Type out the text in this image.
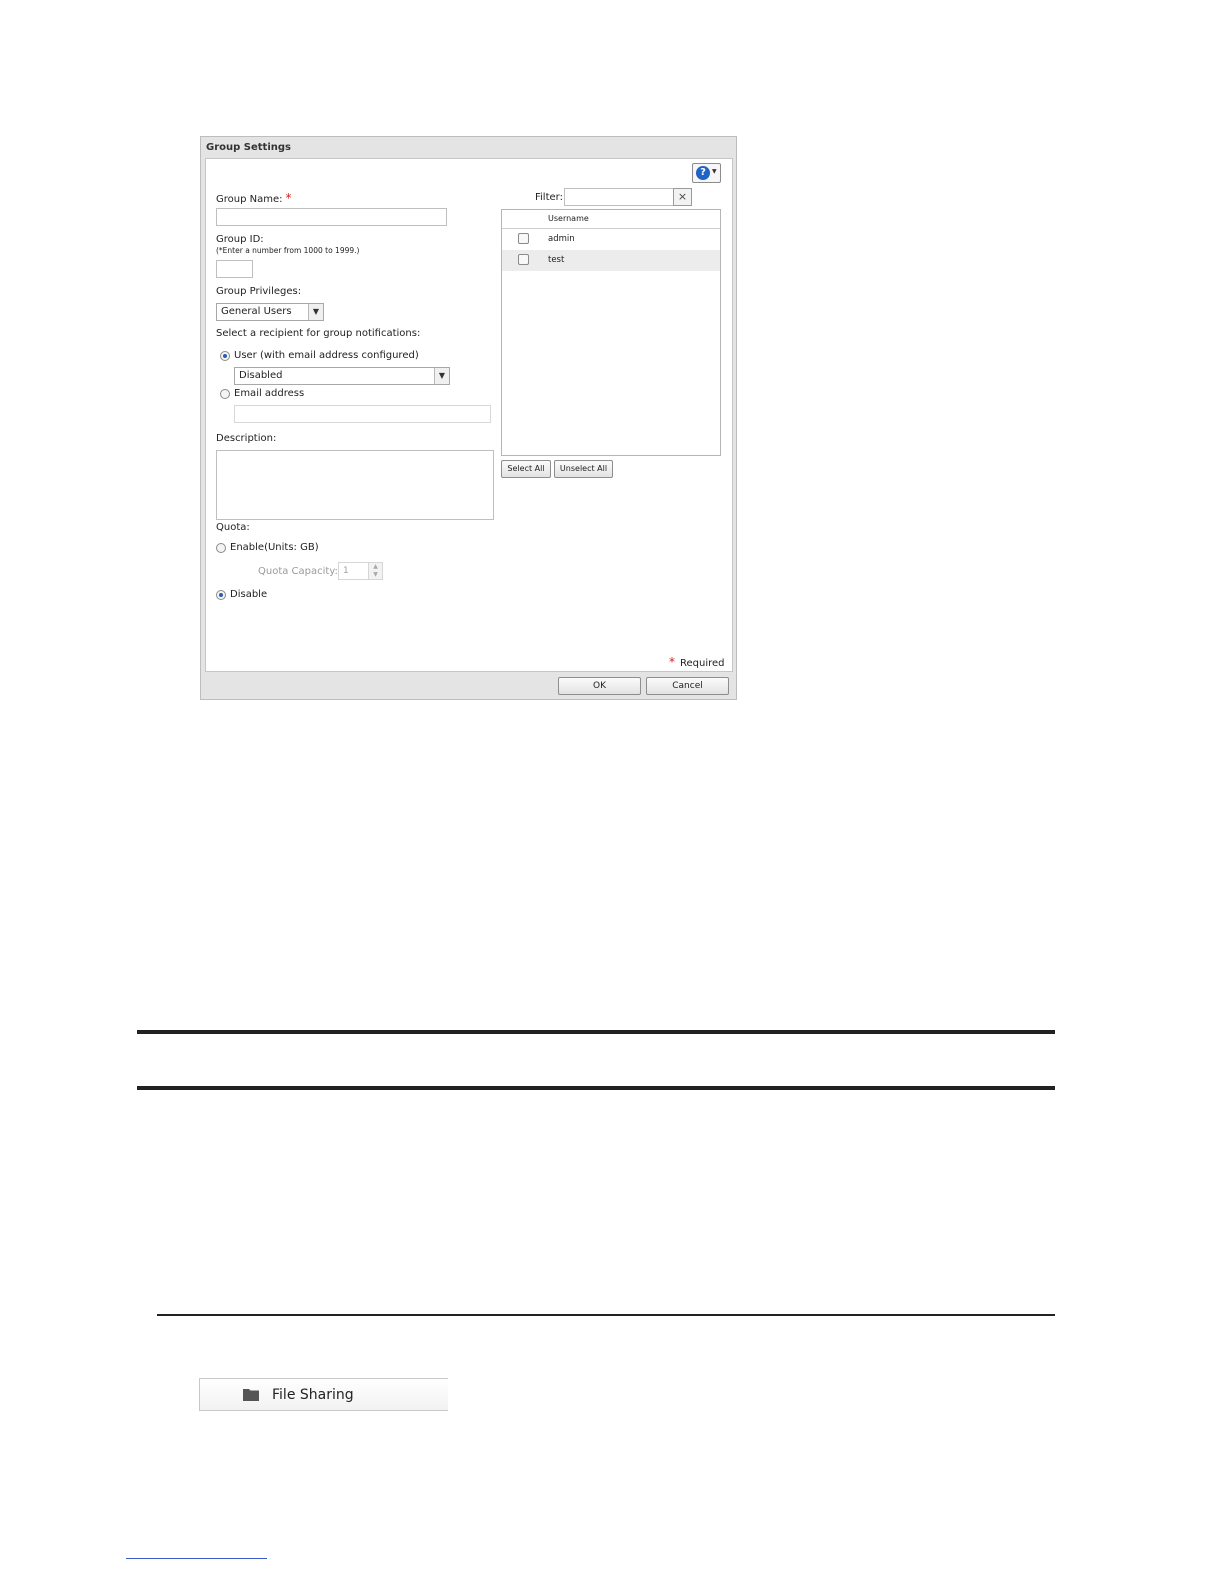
Group Settings
?	▼
Group Name: *
Group ID:
(*Enter a number from 1000 to 1999.)
Group Privileges:
General Users	▼
Select a recipient for group notifications:
User (with email address configured)
Disabled	▼
Email address
Description:
Quota:
Enable(Units: GB)
Quota Capacity: 1	▲
▼
Disable
Filter:	×
Username
admin
test
Select All	Unselect All
* Required
OK	Cancel
File Sharing
